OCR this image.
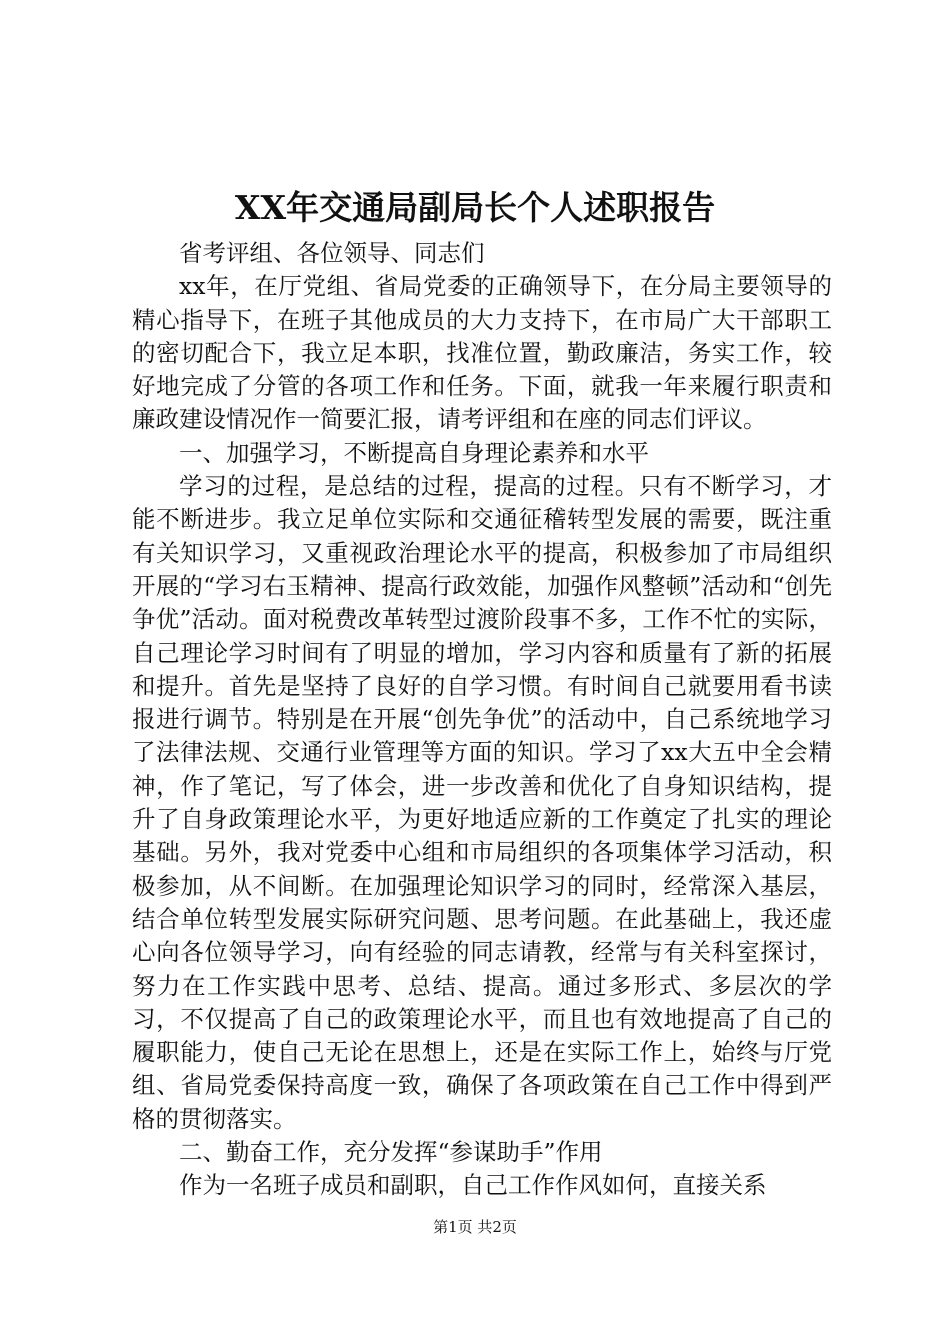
XX年交通局副局长个人述职报告

省考评组、各位领导、同志们

xx年，在厅党组、省局党委的正确领导下，在分局主要领导的精心指导下，在班子其他成员的大力支持下，在市局广大干部职工的密切配合下，我立足本职，找准位置，勤政廉洁，务实工作，较好地完成了分管的各项工作和任务。下面，就我一年来履行职责和廉政建设情况作一简要汇报，请考评组和在座的同志们评议。

一、加强学习，不断提高自身理论素养和水平

学习的过程，是总结的过程，提高的过程。只有不断学习，才能不断进步。我立足单位实际和交通征稽转型发展的需要，既注重有关知识学习，又重视政治理论水平的提高，积极参加了市局组织开展的“学习右玉精神、提高行政效能，加强作风整顿”活动和“创先争优”活动。面对税费改革转型过渡阶段事不多，工作不忙的实际，自己理论学习时间有了明显的增加，学习内容和质量有了新的拓展和提升。首先是坚持了良好的自学习惯。有时间自己就要用看书读报进行调节。特别是在开展“创先争优”的活动中，自己系统地学习了法律法规、交通行业管理等方面的知识。学习了xx大五中全会精神，作了笔记，写了体会，进一步改善和优化了自身知识结构，提升了自身政策理论水平，为更好地适应新的工作奠定了扎实的理论基础。另外，我对党委中心组和市局组织的各项集体学习活动，积极参加，从不间断。在加强理论知识学习的同时，经常深入基层，结合单位转型发展实际研究问题、思考问题。在此基础上，我还虚心向各位领导学习，向有经验的同志请教，经常与有关科室探讨，努力在工作实践中思考、总结、提高。通过多形式、多层次的学习，不仅提高了自己的政策理论水平，而且也有效地提高了自己的履职能力，使自己无论在思想上，还是在实际工作上，始终与厅党组、省局党委保持高度一致，确保了各项政策在自己工作中得到严格的贯彻落实。

二、勤奋工作，充分发挥“参谋助手”作用

作为一名班子成员和副职，自己工作作风如何，直接关系

第1页 共2页
